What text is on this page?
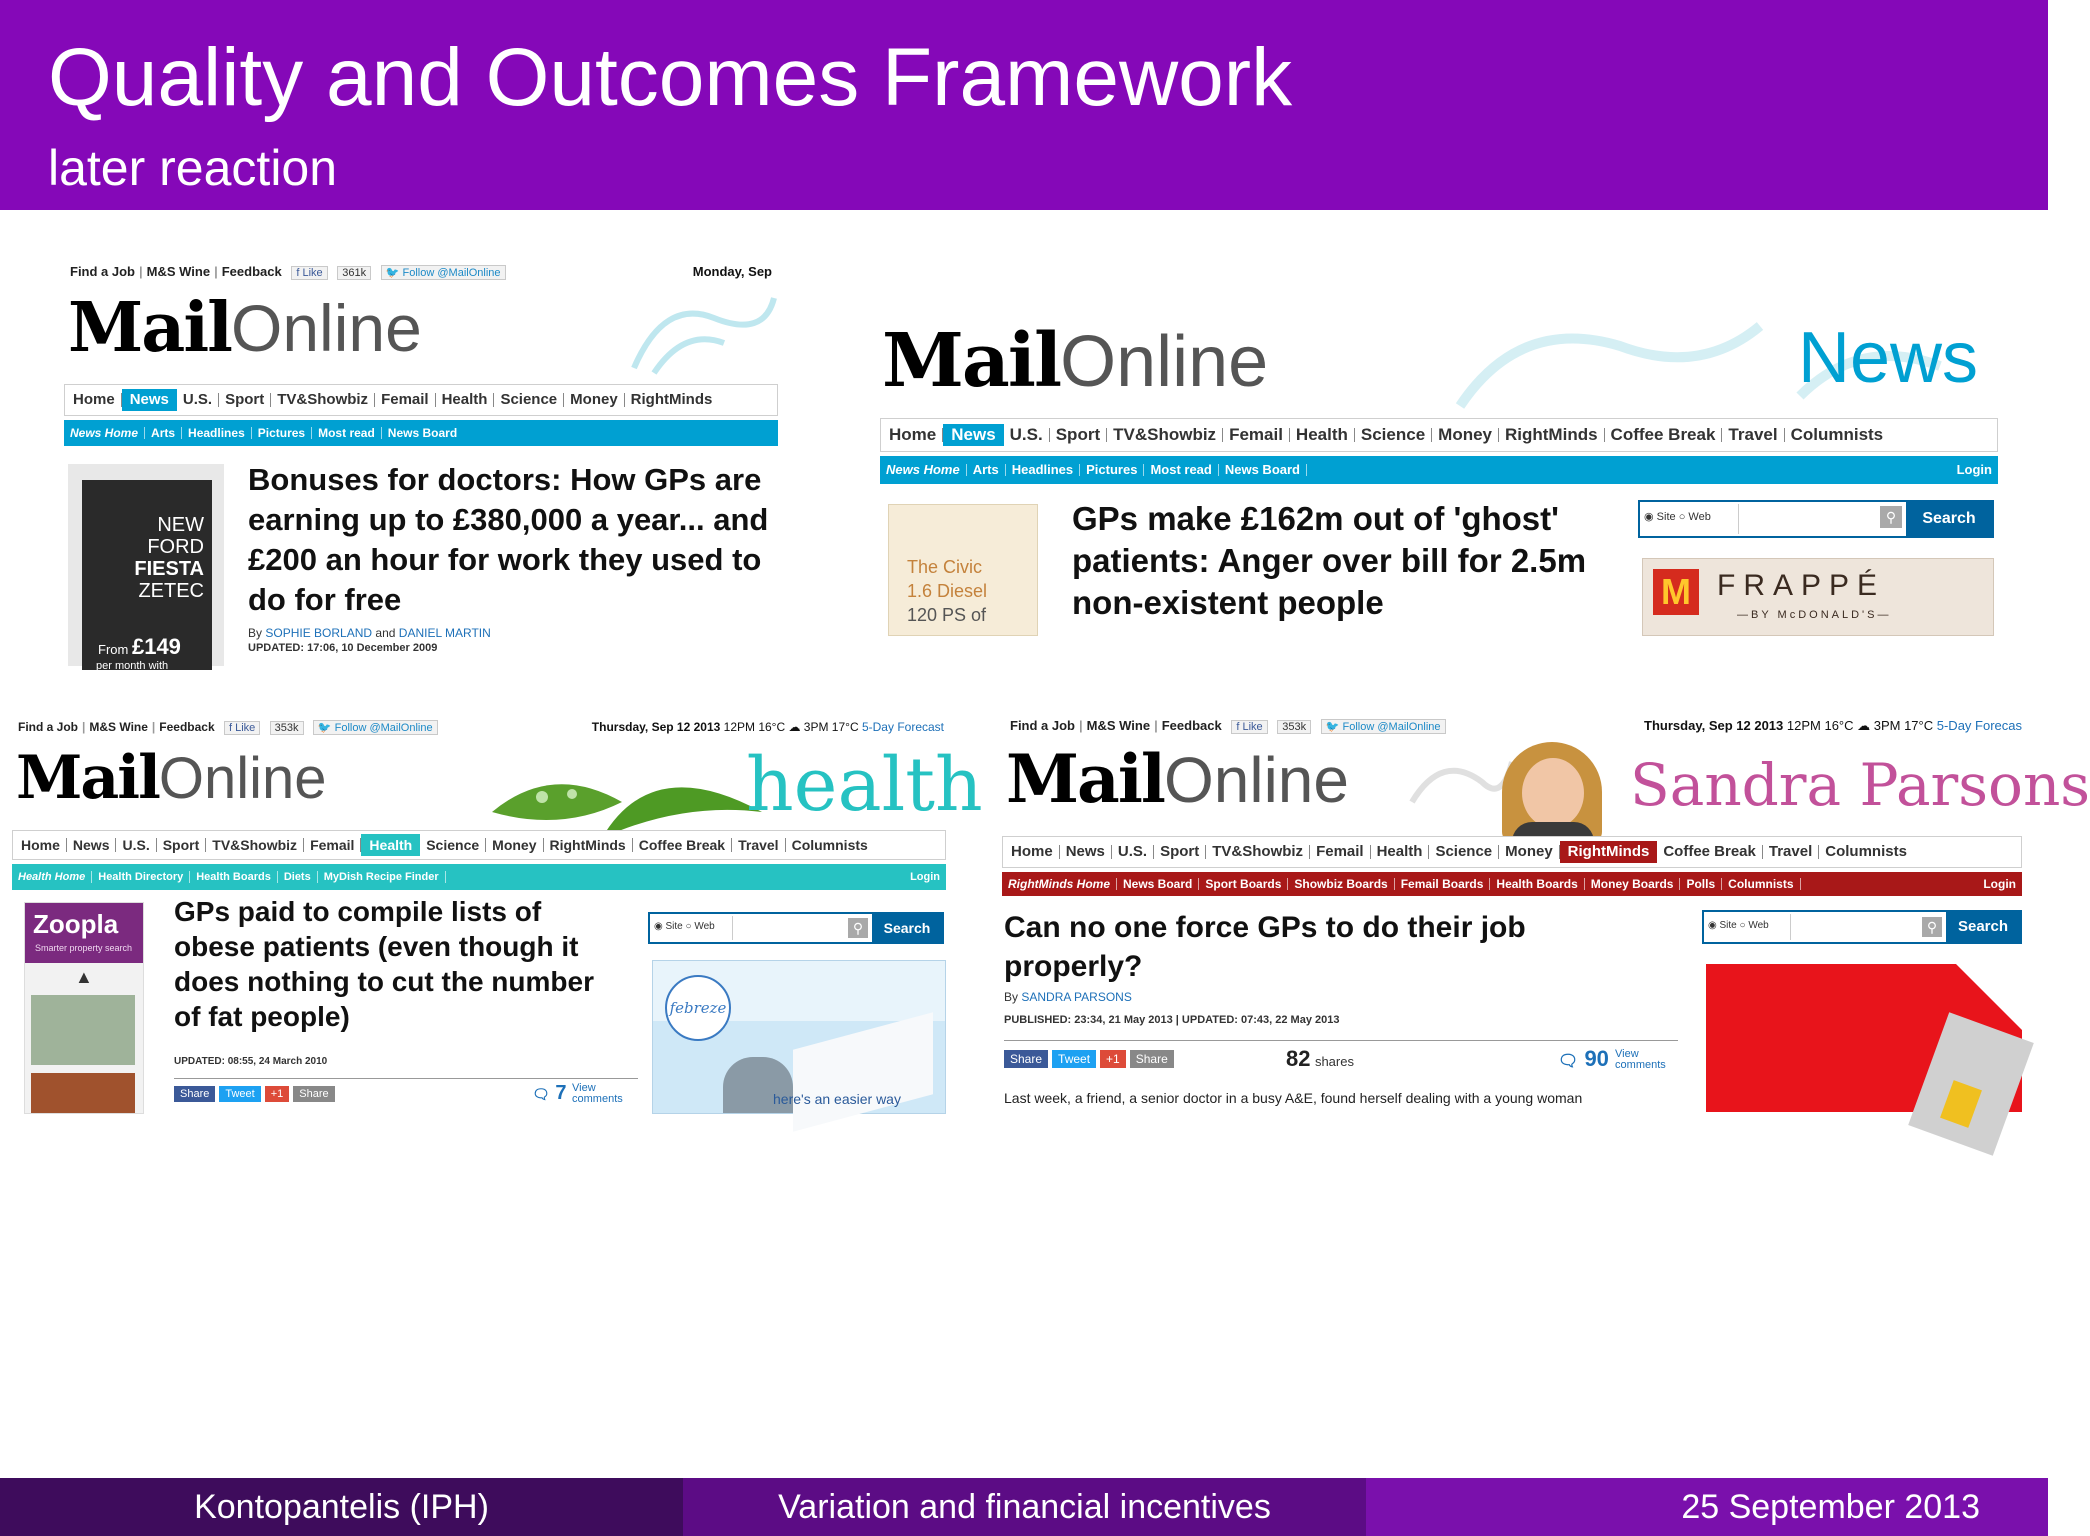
Quality and Outcomes Framework
later reaction
Find a Job | M&S Wine | Feedback f Like 361k 🐦 Follow @MailOnline	Monday, Sep
MailOnline
Home News U.S. Sport TV&Showbiz Femail Health Science Money RightMinds
News Home Arts Headlines Pictures Most read News Board
NEW
FORD
FIESTA
ZETEC
From £149
per month with
Bonuses for doctors: How GPs are earning up to £380,000 a year... and £200 an hour for work they used to do for free
By SOPHIE BORLAND and DANIEL MARTIN
UPDATED: 17:06, 10 December 2009
MailOnline	News
Home News U.S. Sport TV&Showbiz Femail Health Science Money RightMinds Coffee Break Travel Columnists
News Home Arts Headlines Pictures Most read News Board	Login
The Civic
1.6 Diesel
120 PS of
GPs make £162m out of 'ghost' patients: Anger over bill for 2.5m non-existent people
◉ Site ○ Web	⚲	Search
M FRAPPÉ
—BY McDONALD'S—
Find a Job | M&S Wine | Feedback f Like 353k 🐦 Follow @MailOnline	Thursday, Sep 12 2013 12PM 16°C ☁ 3PM 17°C 5-Day Forecast
MailOnline	health
Home News U.S. Sport TV&Showbiz Femail Health Science Money RightMinds Coffee Break Travel Columnists
Health Home Health Directory Health Boards Diets MyDish Recipe Finder	Login
Zoopla
Smarter property search
▲
GPs paid to compile lists of obese patients (even though it does nothing to cut the number of fat people)
UPDATED: 08:55, 24 March 2010
Share Tweet +1 Share	🗨 7 View comments
◉ Site ○ Web	⚲	Search
febreze
here's an easier way
Find a Job | M&S Wine | Feedback f Like 353k 🐦 Follow @MailOnline	Thursday, Sep 12 2013 12PM 16°C ☁ 3PM 17°C 5-Day Forecas
MailOnline	Sandra Parsons
Home News U.S. Sport TV&Showbiz Femail Health Science Money RightMinds Coffee Break Travel Columnists
RightMinds Home News Board Sport Boards Showbiz Boards Femail Boards Health Boards Money Boards Polls Columnists	Login
Can no one force GPs to do their job properly?
By SANDRA PARSONS
PUBLISHED: 23:34, 21 May 2013 | UPDATED: 07:43, 22 May 2013
Share Tweet +1 Share	82 shares	🗨 90 View comments
Last week, a friend, a senior doctor in a busy A&E, found herself dealing with a young woman
◉ Site ○ Web	⚲	Search
Kontopantelis (IPH)	Variation and financial incentives	25 September 2013
